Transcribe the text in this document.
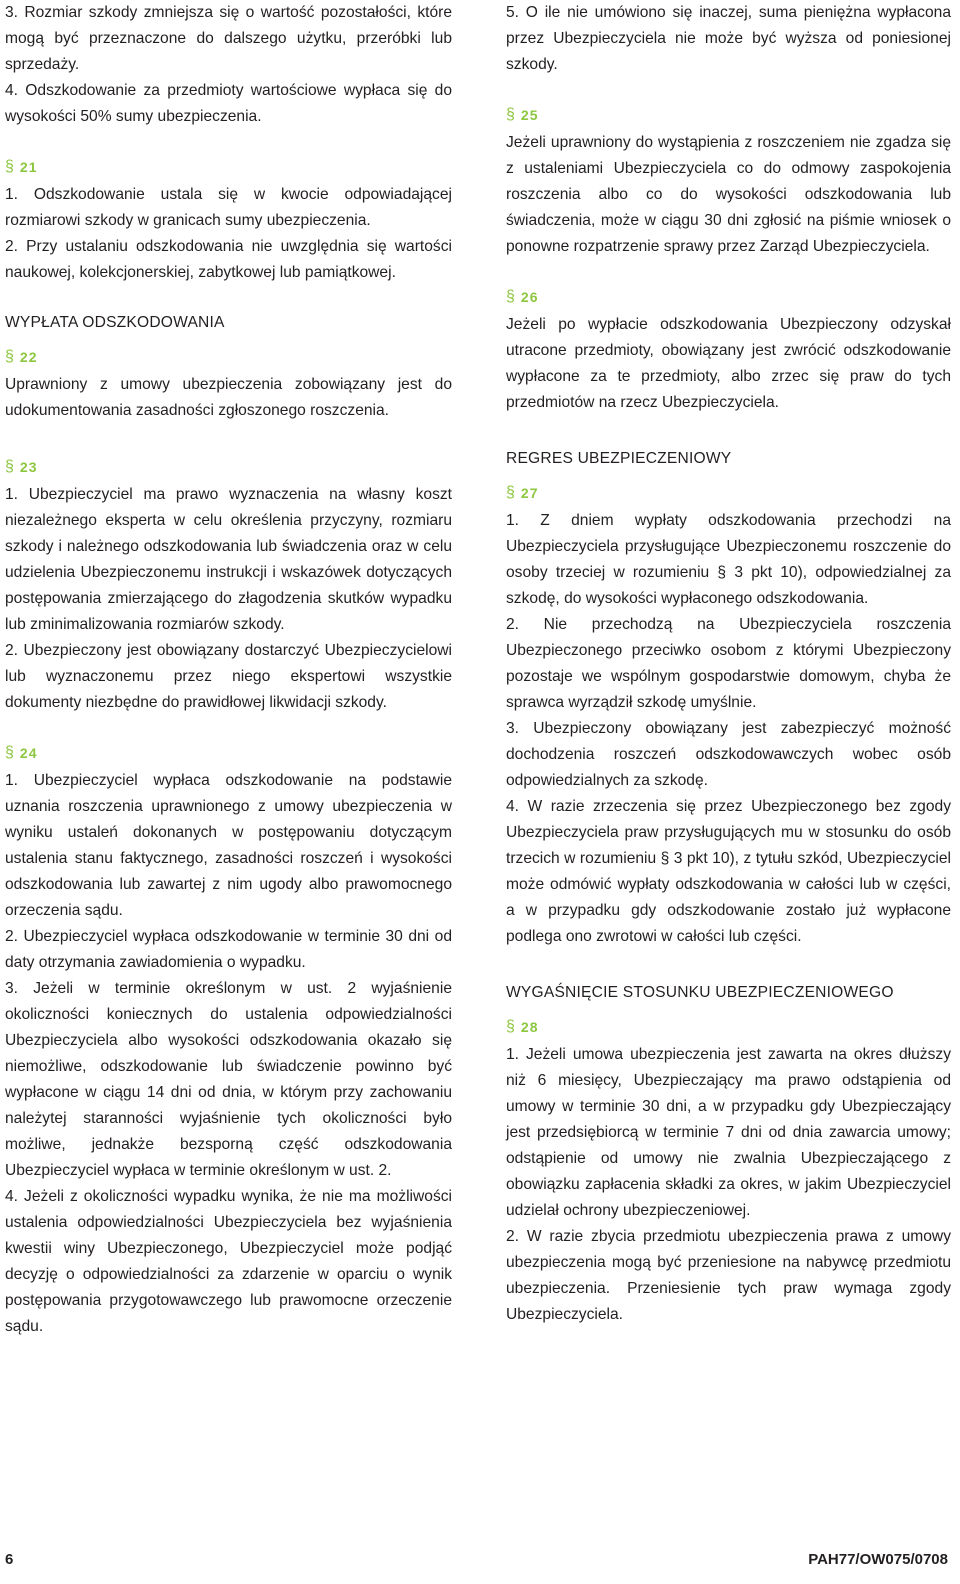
3. Rozmiar szkody zmniejsza się o wartość pozostałości, które mogą być przeznaczone do dalszego użytku, przeróbki lub sprzedaży.

4. Odszkodowanie za przedmioty wartościowe wypłaca się do wysokości 50% sumy ubezpieczenia.

§ 21

1. Odszkodowanie ustala się w kwocie odpowiadającej rozmiarowi szkody w granicach sumy ubezpieczenia.

2. Przy ustalaniu odszkodowania nie uwzględnia się wartości naukowej, kolekcjonerskiej, zabytkowej lub pamiątkowej.

WYPŁATA ODSZKODOWANIA
§ 22

Uprawniony z umowy ubezpieczenia zobowiązany jest do udokumentowania zasadności zgłoszonego roszczenia.

§ 23

1. Ubezpieczyciel ma prawo wyznaczenia na własny koszt niezależnego eksperta w celu określenia przyczyny, rozmiaru szkody i należnego odszkodowania lub świadczenia oraz w celu udzielenia Ubezpieczonemu instrukcji i wskazówek dotyczących postępowania zmierzającego do złagodzenia skutków wypadku lub zminimalizowania rozmiarów szkody.

2. Ubezpieczony jest obowiązany dostarczyć Ubezpieczycielowi lub wyznaczonemu przez niego ekspertowi wszystkie dokumenty niezbędne do prawidłowej likwidacji szkody.

§ 24

1. Ubezpieczyciel wypłaca odszkodowanie na podstawie uznania roszczenia uprawnionego z umowy ubezpieczenia w wyniku ustaleń dokonanych w postępowaniu dotyczącym ustalenia stanu faktycznego, zasadności roszczeń i wysokości odszkodowania lub zawartej z nim ugody albo prawomocnego orzeczenia sądu.

2. Ubezpieczyciel wypłaca odszkodowanie w terminie 30 dni od daty otrzymania zawiadomienia o wypadku.

3. Jeżeli w terminie określonym w ust. 2 wyjaśnienie okoliczności koniecznych do ustalenia odpowiedzialności Ubezpieczyciela albo wysokości odszkodowania okazało się niemożliwe, odszkodowanie lub świadczenie powinno być wypłacone w ciągu 14 dni od dnia, w którym przy zachowaniu należytej staranności wyjaśnienie tych okoliczności było możliwe, jednakże bezsporną część odszkodowania Ubezpieczyciel wypłaca w terminie określonym w ust. 2.

4. Jeżeli z okoliczności wypadku wynika, że nie ma możliwości ustalenia odpowiedzialności Ubezpieczyciela bez wyjaśnienia kwestii winy Ubezpieczonego, Ubezpieczyciel może podjąć decyzję o odpowiedzialności za zdarzenie w oparciu o wynik postępowania przygotowawczego lub prawomocne orzeczenie sądu.

5. O ile nie umówiono się inaczej, suma pieniężna wypłacona przez Ubezpieczyciela nie może być wyższa od poniesionej szkody.

§ 25

Jeżeli uprawniony do wystąpienia z roszczeniem nie zgadza się z ustaleniami Ubezpieczyciela co do odmowy zaspokojenia roszczenia albo co do wysokości odszkodowania lub świadczenia, może w ciągu 30 dni zgłosić na piśmie wniosek o ponowne rozpatrzenie sprawy przez Zarząd Ubezpieczyciela.

§ 26

Jeżeli po wypłacie odszkodowania Ubezpieczony odzyskał utracone przedmioty, obowiązany jest zwrócić odszkodowanie wypłacone za te przedmioty, albo zrzec się praw do tych przedmiotów na rzecz Ubezpieczyciela.

REGRES UBEZPIECZENIOWY
§ 27

1. Z dniem wypłaty odszkodowania przechodzi na Ubezpieczyciela przysługujące Ubezpieczonemu roszczenie do osoby trzeciej w rozumieniu § 3 pkt 10), odpowiedzialnej za szkodę, do wysokości wypłaconego odszkodowania.

2. Nie przechodzą na Ubezpieczyciela roszczenia Ubezpieczonego przeciwko osobom z którymi Ubezpieczony pozostaje we wspólnym gospodarstwie domowym, chyba że sprawca wyrządził szkodę umyślnie.

3. Ubezpieczony obowiązany jest zabezpieczyć możność dochodzenia roszczeń odszkodowawczych wobec osób odpowiedzialnych za szkodę.

4. W razie zrzeczenia się przez Ubezpieczonego bez zgody Ubezpieczyciela praw przysługujących mu w stosunku do osób trzecich w rozumieniu § 3 pkt 10), z tytułu szkód, Ubezpieczyciel może odmówić wypłaty odszkodowania w całości lub w części, a w przypadku gdy odszkodowanie zostało już wypłacone podlega ono zwrotowi w całości lub części.

WYGAŚNIĘCIE STOSUNKU UBEZPIECZENIOWEGO
§ 28

1. Jeżeli umowa ubezpieczenia jest zawarta na okres dłuższy niż 6 miesięcy, Ubezpieczający ma prawo odstąpienia od umowy w terminie 30 dni, a w przypadku gdy Ubezpieczający jest przedsiębiorcą w terminie 7 dni od dnia zawarcia umowy; odstąpienie od umowy nie zwalnia Ubezpieczającego z obowiązku zapłacenia składki za okres, w jakim Ubezpieczyciel udzielał ochrony ubezpieczeniowej.

2. W razie zbycia przedmiotu ubezpieczenia prawa z umowy ubezpieczenia mogą być przeniesione na nabywcę przedmiotu ubezpieczenia. Przeniesienie tych praw wymaga zgody Ubezpieczyciela.

6	PAH77/OW075/0708
